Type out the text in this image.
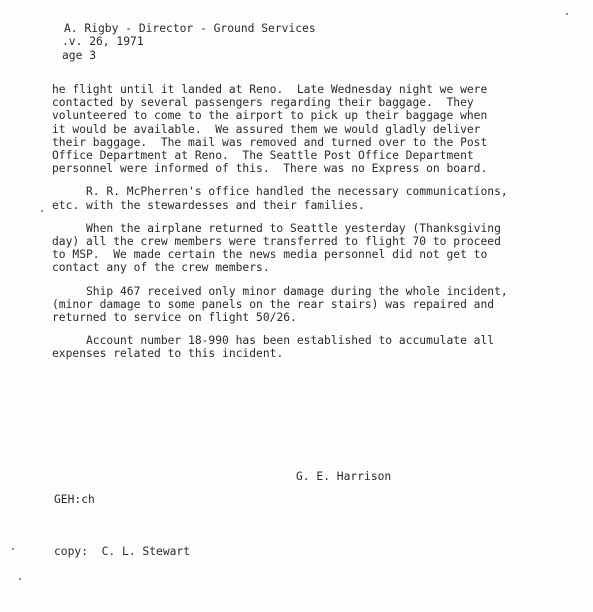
A. Rigby - Director - Ground Services
.v. 26, 1971
age 3
he flight until it landed at Reno.  Late Wednesday night we were
contacted by several passengers regarding their baggage.  They
volunteered to come to the airport to pick up their baggage when
it would be available.  We assured them we would gladly deliver
their baggage.  The mail was removed and turned over to the Post
Office Department at Reno.  The Seattle Post Office Department
personnel were informed of this.  There was no Express on board.
R. R. McPherren's office handled the necessary communications,
etc. with the stewardesses and their families.
When the airplane returned to Seattle yesterday (Thanksgiving
day) all the crew members were transferred to flight 70 to proceed
to MSP.  We made certain the news media personnel did not get to
contact any of the crew members.
Ship 467 received only minor damage during the whole incident,
(minor damage to some panels on the rear stairs) was repaired and
returned to service on flight 50/26.
Account number 18-990 has been established to accumulate all
expenses related to this incident.
G. E. Harrison
GEH:ch
copy:  C. L. Stewart
